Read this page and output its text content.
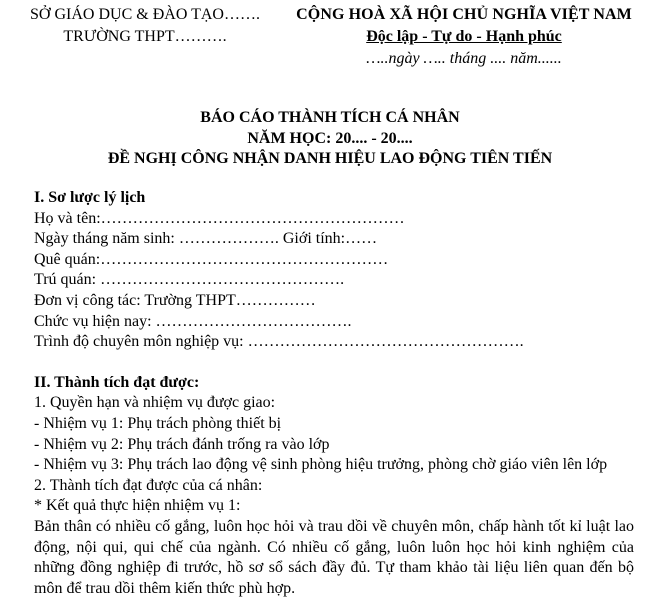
SỞ GIÁO DỤC & ĐÀO TẠO…….
TRƯỜNG THPT……….
CỘNG HOÀ XÃ HỘI CHỦ NGHĨA VIỆT NAM
Độc lập - Tự do - Hạnh phúc
…..ngày ….. tháng .... năm......
BÁO CÁO THÀNH TÍCH CÁ NHÂN
NĂM HỌC: 20.... - 20....
ĐỀ NGHỊ CÔNG NHẬN DANH HIỆU LAO ĐỘNG TIÊN TIẾN

I. Sơ lược lý lịch

Họ và tên:…………………………………………………

Ngày tháng năm sinh: ………………. Giới tính:……

Quê quán:………………………………………………

Trú quán: ……………………………………….

Đơn vị công tác: Trường THPT……………

Chức vụ hiện nay: ……………………………….

Trình độ chuyên môn nghiệp vụ: …………………………………………….

II. Thành tích đạt được:

1. Quyền hạn và nhiệm vụ được giao:

- Nhiệm vụ 1: Phụ trách phòng thiết bị

- Nhiệm vụ 2: Phụ trách đánh trống ra vào lớp

- Nhiệm vụ 3: Phụ trách lao động vệ sinh phòng hiệu trưởng, phòng chờ giáo viên lên lớp

2. Thành tích đạt được của cá nhân:

* Kết quả thực hiện nhiệm vụ 1:

Bản thân có nhiều cố gắng, luôn học hỏi và trau dồi về chuyên môn, chấp hành tốt kỉ luật lao động, nội qui, qui chế của ngành. Có nhiều cố gắng, luôn luôn học hỏi kinh nghiệm của những đồng nghiệp đi trước, hồ sơ sổ sách đầy đủ. Tự tham khảo tài liệu liên quan đến bộ môn để trau dồi thêm kiến thức phù hợp.
